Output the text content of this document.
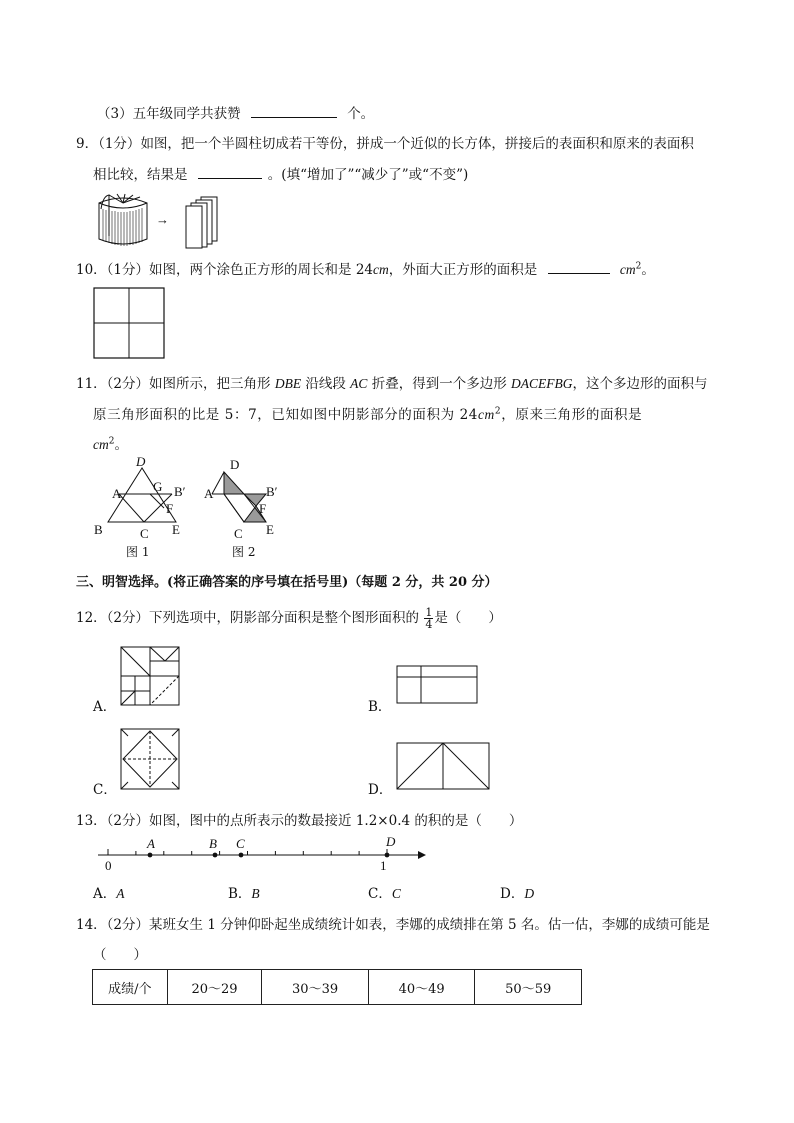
（3）五年级同学共获赞	个。
9．（1分）如图，把一个半圆柱切成若干等份，拼成一个近似的长方体，拼接后的表面积和原来的表面积
相比较，结果是	。(填“增加了”“减少了”或“不变”)
→
10．（1分）如图，两个涂色正方形的周长和是 24cm，外面大正方形的面积是	$cm^2$。
11．（2分）如图所示，把三角形 DBE 沿线段 AC 折叠，得到一个多边形 DACEFBG，这个多边形的面积与
原三角形面积的比是 5：7，已知如图中阴影部分的面积为 $24cm^2$，原来三角形的面积是
$cm^2$。
D
A G B′
F
B	C E
图 1
D
A	B′
F
C E
图 2
三、明智选择。(将正确答案的序号填在括号里)（每题 2 分，共 20 分）
12．（2分）下列选项中，阴影部分面积是整个图形面积的 $\frac{1}{4}$ 是（　　）
A．	B．
C．	D．
13．（2分）如图，图中的点所表示的数最接近 1.2×0.4 的积的是（　　）
A	B C	D
0	1
A．A	B．B	C．C	D．D
14．（2分）某班女生 1 分钟仰卧起坐成绩统计如表，李娜的成绩排在第 5 名。估一估，李娜的成绩可能是
（　　）
成绩/个	20～29	30～39	40～49	50～59
